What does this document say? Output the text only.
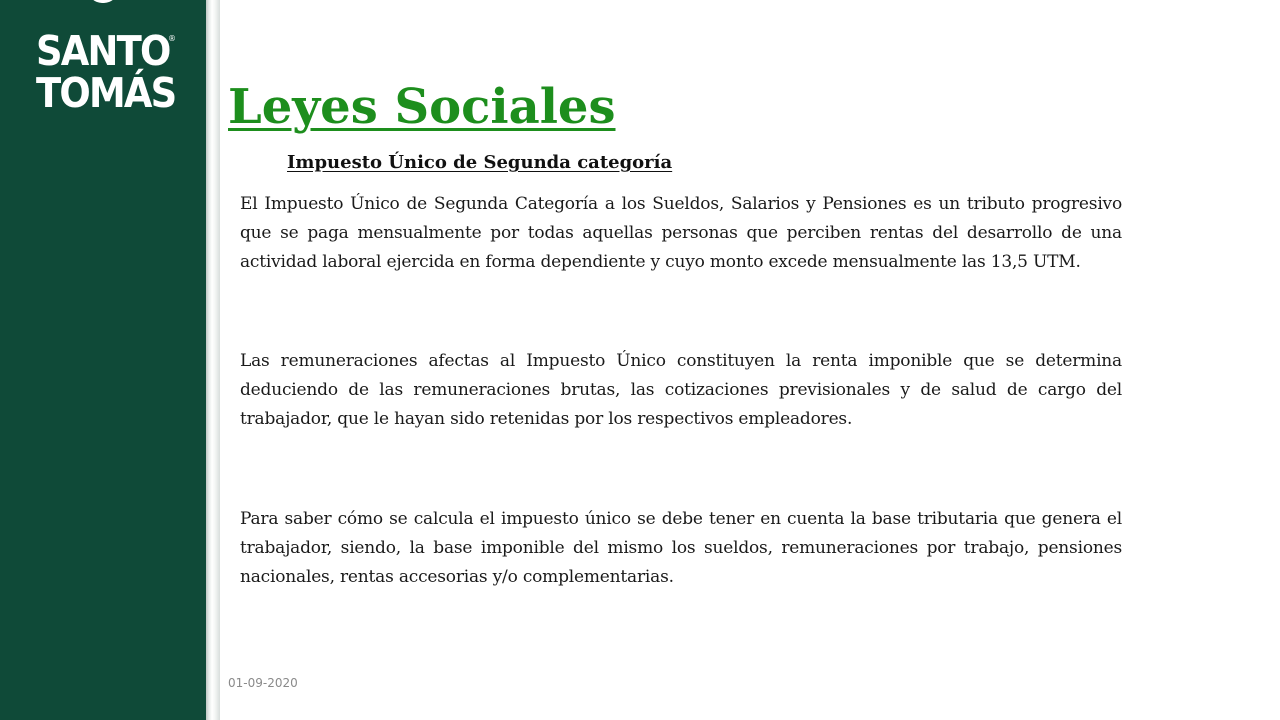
SANTO
TOMÁS
®
Leyes Sociales
Impuesto Único de Segunda categoría

El Impuesto Único de Segunda Categoría a los Sueldos, Salarios y Pensiones es un tributo progresivo que se paga mensualmente por todas aquellas personas que perciben rentas del desarrollo de una actividad laboral ejercida en forma dependiente y cuyo monto excede mensualmente las 13,5 UTM.

Las remuneraciones afectas al Impuesto Único constituyen la renta imponible que se determina deduciendo de las remuneraciones brutas, las cotizaciones previsionales y de salud de cargo del trabajador, que le hayan sido retenidas por los respectivos empleadores.

Para saber cómo se calcula el impuesto único se debe tener en cuenta la base tributaria que genera el trabajador, siendo, la base imponible del mismo los sueldos, remuneraciones por trabajo, pensiones nacionales, rentas accesorias y/o complementarias.

01-09-2020
